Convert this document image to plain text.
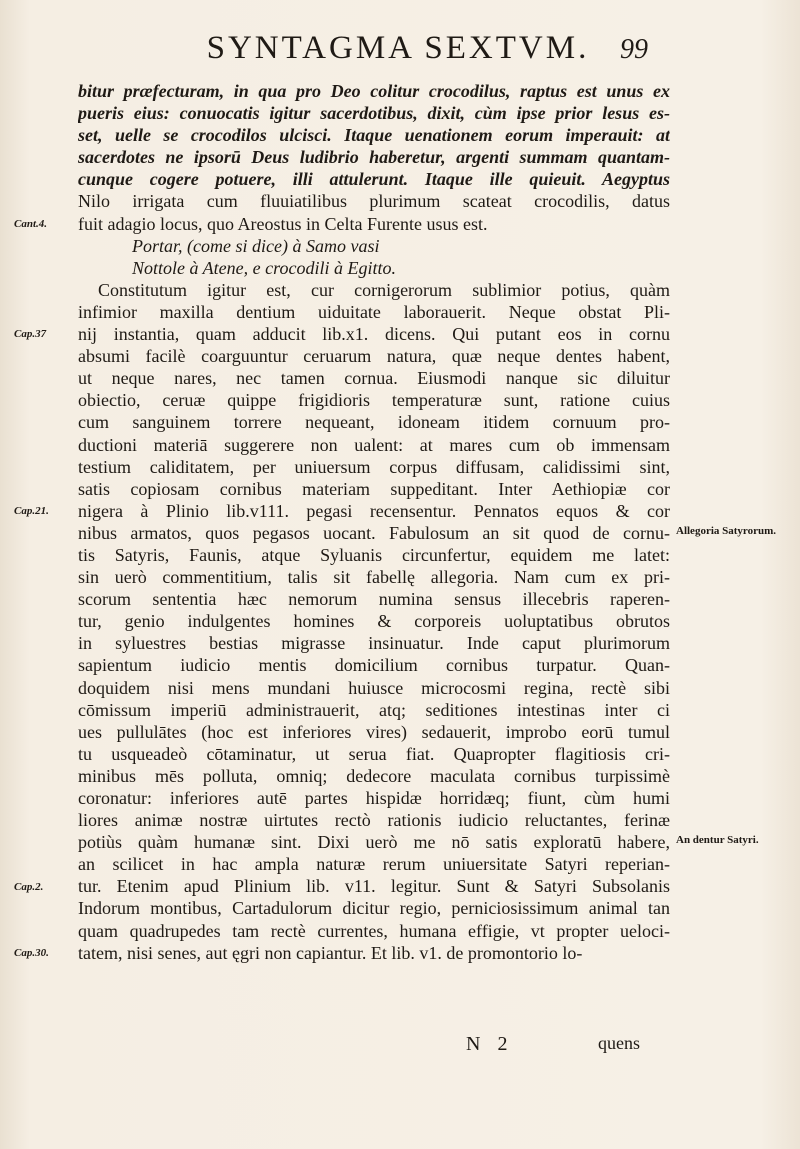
SYNTAGMA SEXTVM.	99
bitur præfecturam, in qua pro Deo colitur crocodilus, raptus est unus ex
pueris eius: conuocatis igitur sacerdotibus, dixit, cùm ipse prior lesus es-
set, uelle se crocodilos ulcisci. Itaque uenationem eorum imperauit: at
sacerdotes ne ipsorū Deus ludibrio haberetur, argenti summam quantam-
cunque cogere potuere, illi attulerunt. Itaque ille quieuit. Aegyptus
Nilo irrigata cum fluuiatilibus plurimum scateat crocodilis, datus
fuit adagio locus, quo Areostus in Celta Furente usus est.
Portar, (come si dice) à Samo vasi
Nottole à Atene, e crocodili à Egitto.
Constitutum igitur est, cur cornigerorum sublimior potius, quàm
infimior maxilla dentium uiduitate laborauerit. Neque obstat Pli-
nij instantia, quam adducit lib.x1. dicens. Qui putant eos in cornu
absumi facilè coarguuntur ceruarum natura, quæ neque dentes habent,
ut neque nares, nec tamen cornua. Eiusmodi nanque sic diluitur
obiectio, ceruæ quippe frigidioris temperaturæ sunt, ratione cuius
cum sanguinem torrere nequeant, idoneam itidem cornuum pro-
ductioni materiā suggerere non ualent: at mares cum ob immensam
testium caliditatem, per uniuersum corpus diffusam, calidissimi sint,
satis copiosam cornibus materiam suppeditant. Inter Aethiopiæ cor
nigera à Plinio lib.v111. pegasi recensentur. Pennatos equos & cor
nibus armatos, quos pegasos uocant. Fabulosum an sit quod de cornu-
tis Satyris, Faunis, atque Syluanis circunfertur, equidem me latet:
sin uerò commentitium, talis sit fabellę allegoria. Nam cum ex pri-
scorum sententia hæc nemorum numina sensus illecebris raperen-
tur, genio indulgentes homines & corporeis uoluptatibus obrutos
in syluestres bestias migrasse insinuatur. Inde caput plurimorum
sapientum iudicio mentis domicilium cornibus turpatur. Quan-
doquidem nisi mens mundani huiusce microcosmi regina, rectè sibi
cōmissum imperiū administrauerit, atq; seditiones intestinas inter ci
ues pullulātes (hoc est inferiores vires) sedauerit, improbo eorū tumul
tu usqueadeò cōtaminatur, ut serua fiat. Quapropter flagitiosis cri-
minibus mēs polluta, omniq; dedecore maculata cornibus turpissimè
coronatur: inferiores autē partes hispidæ horridæq; fiunt, cùm humi
liores animæ nostræ uirtutes rectò rationis iudicio reluctantes, ferinæ
potiùs quàm humanæ sint. Dixi uerò me nō satis exploratū habere,
an scilicet in hac ampla naturæ rerum uniuersitate Satyri reperian-
tur. Etenim apud Plinium lib. v11. legitur. Sunt & Satyri Subsolanis
Indorum montibus, Cartadulorum dicitur regio, perniciosissimum animal tan
quam quadrupedes tam rectè currentes, humana effigie, vt propter ueloci-
tatem, nisi senes, aut ęgri non capiantur. Et lib. v1. de promontorio lo-
Cant.4.
Cap.37
Cap.21.
Cap.2.
Cap.30.
Allegoria Satyrorum.
An dentur Satyri.
N 2	quens
